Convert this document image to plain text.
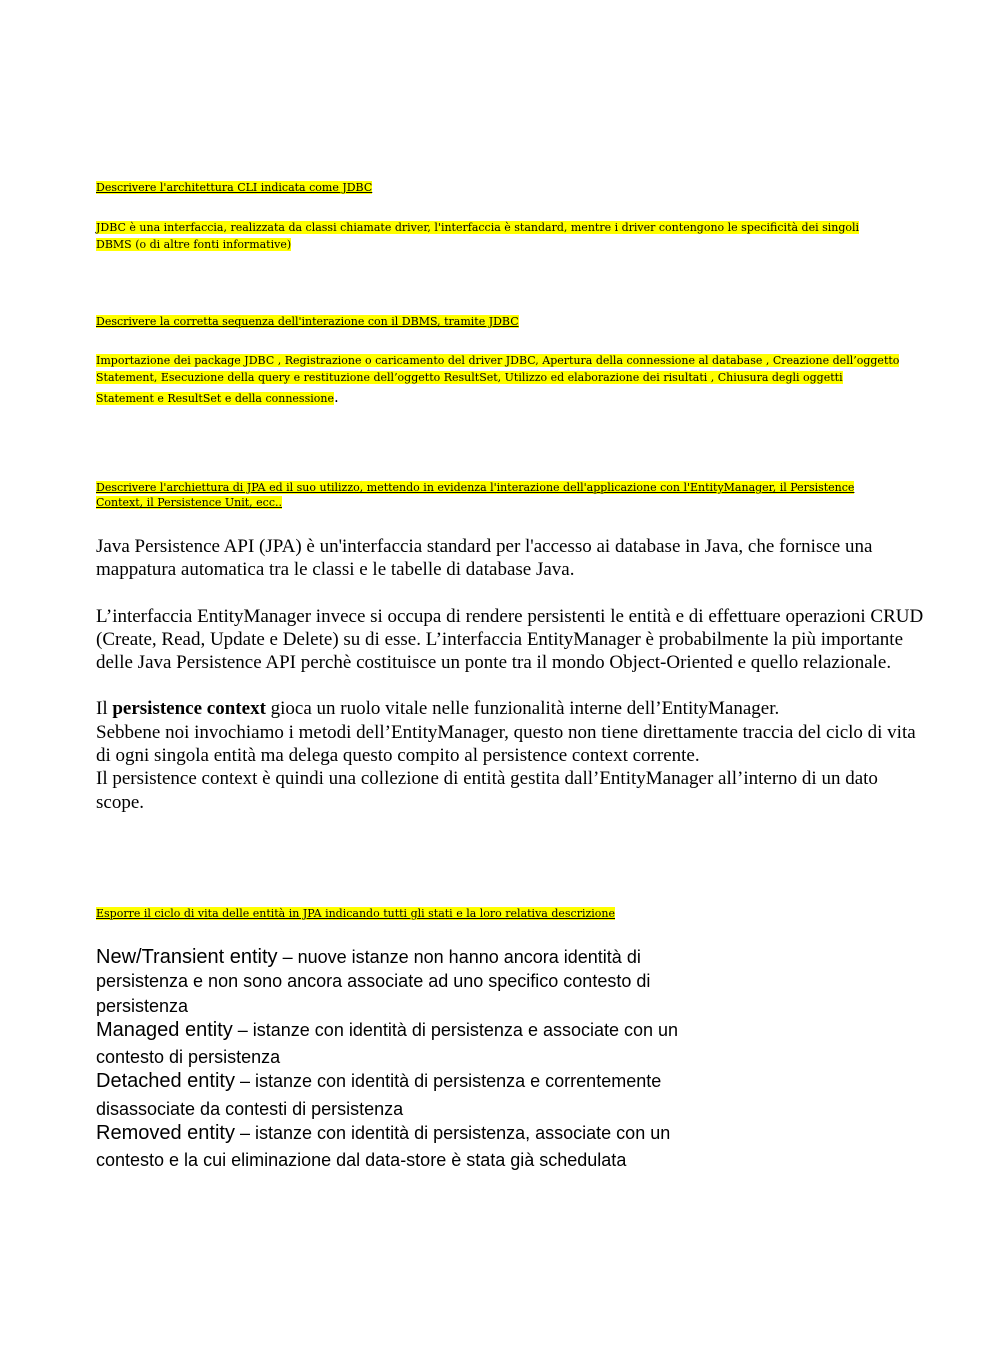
Descrivere l'architettura CLI indicata come JDBC
JDBC è una interfaccia, realizzata da classi chiamate driver, l'interfaccia è standard, mentre i driver contengono le specificità dei singoli
DBMS (o di altre fonti informative)
Descrivere la corretta sequenza dell'interazione con il DBMS, tramite JDBC
Importazione dei package JDBC , Registrazione o caricamento del driver JDBC, Apertura della connessione al database , Creazione dell’oggetto
Statement, Esecuzione della query e restituzione dell’oggetto ResultSet, Utilizzo ed elaborazione dei risultati , Chiusura degli oggetti
Statement e ResultSet e della connessione.
Descrivere l'archiettura di JPA ed il suo utilizzo, mettendo in evidenza l'interazione dell'applicazione con l'EntityManager, il Persistence
Context, il Persistence Unit, ecc..

Java Persistence API (JPA) è un'interfaccia standard per l'accesso ai database in Java, che fornisce una mappatura automatica tra le classi e le tabelle di database Java.

L’interfaccia EntityManager invece si occupa di rendere persistenti le entità e di effettuare operazioni CRUD (Create, Read, Update e Delete) su di esse. L’interfaccia EntityManager è probabilmente la più importante delle Java Persistence API perchè costituisce un ponte tra il mondo Object-Oriented e quello relazionale.

Il persistence context gioca un ruolo vitale nelle funzionalità interne dell’EntityManager.
Sebbene noi invochiamo i metodi dell’EntityManager, questo non tiene direttamente traccia del ciclo di vita di ogni singola entità ma delega questo compito al persistence context corrente.
Il persistence context è quindi una collezione di entità gestita dall’EntityManager all’interno di un dato scope.
Esporre il ciclo di vita delle entità in JPA indicando tutti gli stati e la loro relativa descrizione
New/Transient entity – nuove istanze non hanno ancora identità di
persistenza e non sono ancora associate ad uno specifico contesto di
persistenza
Managed entity – istanze con identità di persistenza e associate con un
contesto di persistenza
Detached entity – istanze con identità di persistenza e correntemente
disassociate da contesti di persistenza
Removed entity – istanze con identità di persistenza, associate con un
contesto e la cui eliminazione dal data-store è stata già schedulata
